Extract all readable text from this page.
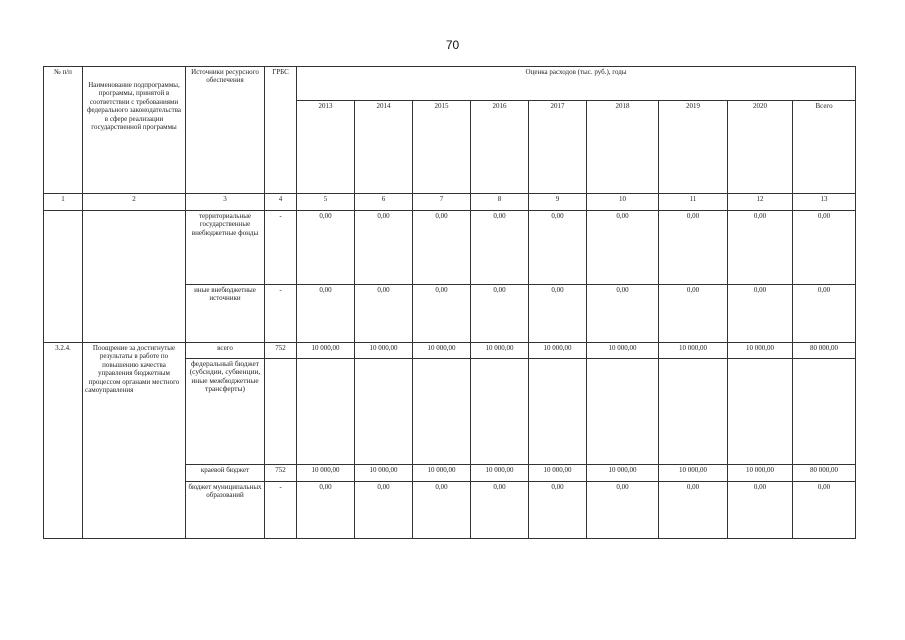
70
№ п/п	Наименование подпрограммы, программы, принятой в соответствии с требованиями федерального законодательства в сфере реализации государственной программы	Источники ресурсного обеспечения	ГРБС	Оценка расходов (тыс. руб.), годы								
				2013	2014	2015	2016	2017	2018	2019	2020	Всего
1	2	3	4	5	6	7	8	9	10	11	12	13
		территориальные государственные внебюджетные фонды	-	0,00	0,00	0,00	0,00	0,00	0,00	0,00	0,00	0,00
		иные внебюджетные источники	-	0,00	0,00	0,00	0,00	0,00	0,00	0,00	0,00	0,00
3.2.4.	Поощрение за достигнутые результаты в работе по повышению качества управления бюджетным процессом органами местного самоуправления	всего	752	10 000,00	10 000,00	10 000,00	10 000,00	10 000,00	10 000,00	10 000,00	10 000,00	80 000,00
		федеральный бюджет (субсидии, субвенции, иные межбюджетные трансферты)										
		краевой бюджет	752	10 000,00	10 000,00	10 000,00	10 000,00	10 000,00	10 000,00	10 000,00	10 000,00	80 000,00
		бюджет муниципальных образований	-	0,00	0,00	0,00	0,00	0,00	0,00	0,00	0,00	0,00
